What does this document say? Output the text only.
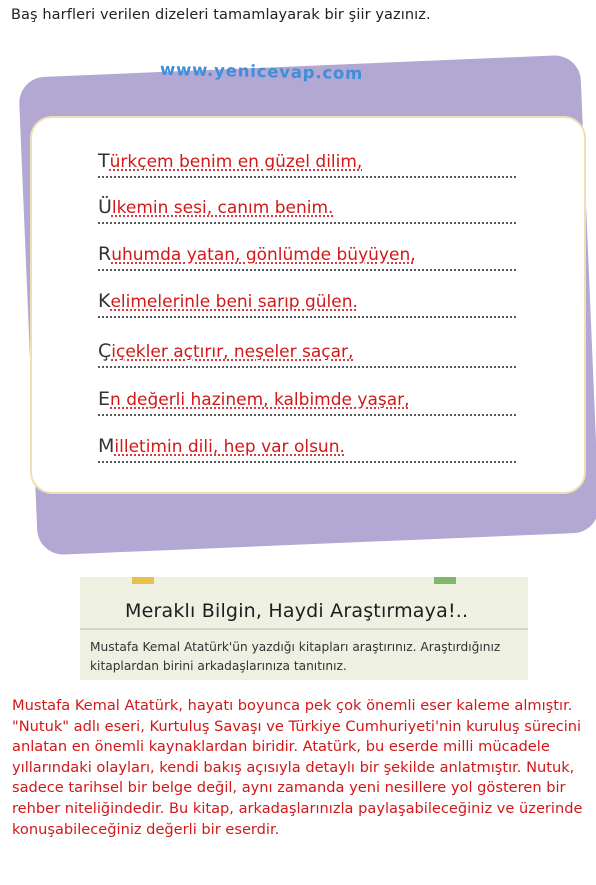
Baş harfleri verilen dizeleri tamamlayarak bir şiir yazınız.
www.yenicevap.com
Türkçem benim en güzel dilim,
Ülkemin sesi, canım benim.
Ruhumda yatan, gönlümde büyüyen,
Kelimelerinle beni sarıp gülen.
Çiçekler açtırır, neşeler saçar,
En değerli hazinem, kalbimde yaşar,
Milletimin dili, hep var olsun.
Meraklı Bilgin, Haydi Araştırmaya!..
Mustafa Kemal Atatürk'ün yazdığı kitapları araştırınız. Araştırdığınız kitaplardan birini arkadaşlarınıza tanıtınız.

Mustafa Kemal Atatürk, hayatı boyunca pek çok önemli eser kaleme almıştır. "Nutuk" adlı eseri, Kurtuluş Savaşı ve Türkiye Cumhuriyeti'nin kuruluş sürecini anlatan en önemli kaynaklardan biridir. Atatürk, bu eserde milli mücadele yıllarındaki olayları, kendi bakış açısıyla detaylı bir şekilde anlatmıştır. Nutuk, sadece tarihsel bir belge değil, aynı zamanda yeni nesillere yol gösteren bir rehber niteliğindedir. Bu kitap, arkadaşlarınızla paylaşabileceğiniz ve üzerinde konuşabileceğiniz değerli bir eserdir.
